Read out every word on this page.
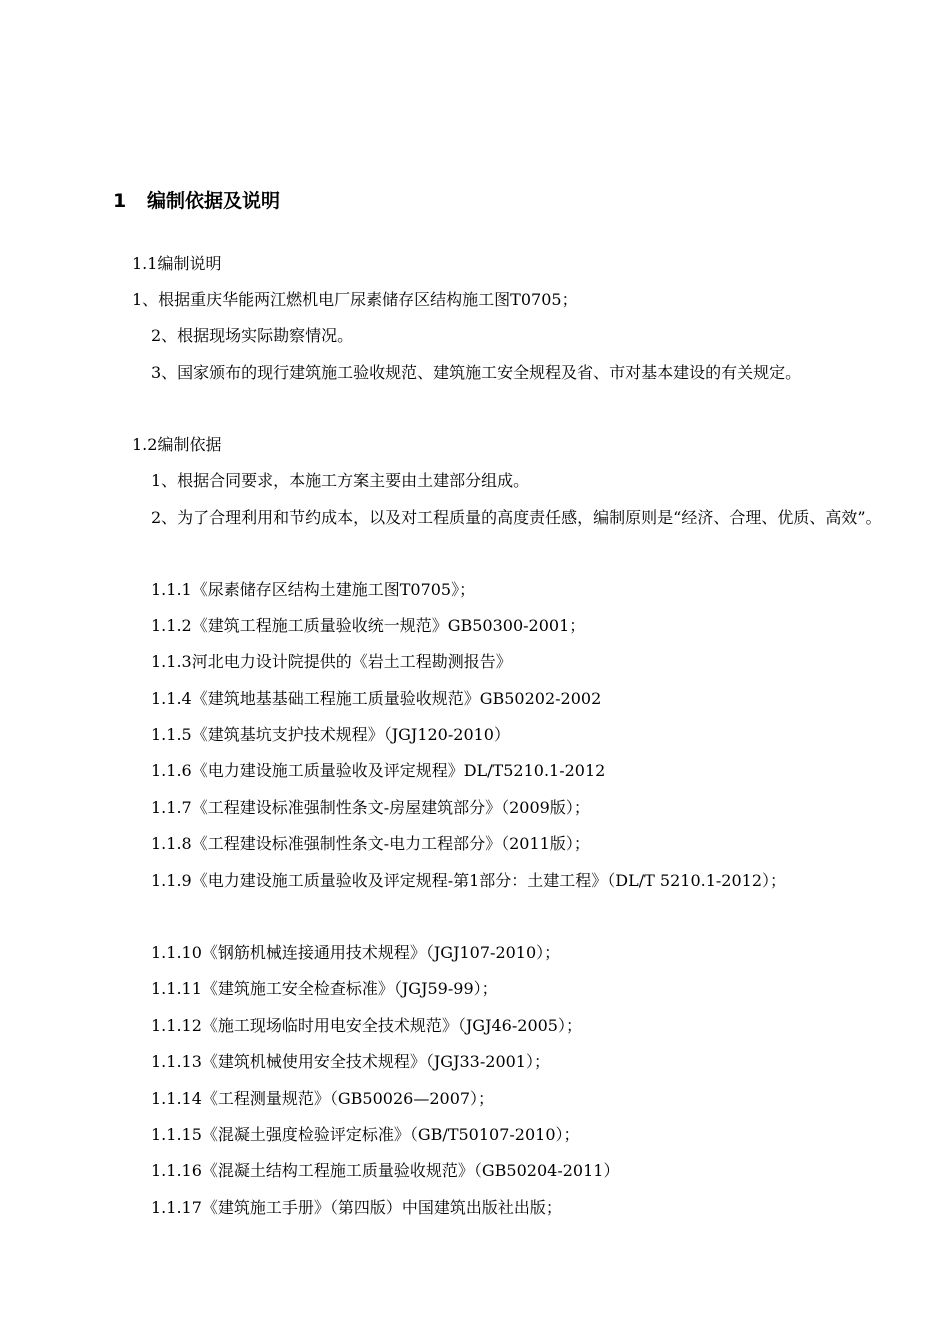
1 编制依据及说明
1.1编制说明
1、根据重庆华能两江燃机电厂尿素储存区结构施工图T0705；
2、根据现场实际勘察情况。
3、国家颁布的现行建筑施工验收规范、建筑施工安全规程及省、市对基本建设的有关规定。
1.2编制依据
1、根据合同要求，本施工方案主要由土建部分组成。
2、为了合理利用和节约成本，以及对工程质量的高度责任感，编制原则是“经济、合理、优质、高效”。
1.1.1《尿素储存区结构土建施工图T0705》；
1.1.2《建筑工程施工质量验收统一规范》GB50300-2001；
1.1.3河北电力设计院提供的《岩土工程勘测报告》
1.1.4《建筑地基基础工程施工质量验收规范》GB50202-2002
1.1.5《建筑基坑支护技术规程》（JGJ120-2010）
1.1.6《电力建设施工质量验收及评定规程》DL/T5210.1-2012
1.1.7《工程建设标准强制性条文-房屋建筑部分》（2009版）；
1.1.8《工程建设标准强制性条文-电力工程部分》（2011版）；
1.1.9《电力建设施工质量验收及评定规程-第1部分：土建工程》（DL/T 5210.1-2012）；
1.1.10《钢筋机械连接通用技术规程》（JGJ107-2010）；
1.1.11《建筑施工安全检查标准》（JGJ59-99）；
1.1.12《施工现场临时用电安全技术规范》（JGJ46-2005）；
1.1.13《建筑机械使用安全技术规程》（JGJ33-2001）；
1.1.14《工程测量规范》（GB50026—2007）；
1.1.15《混凝土强度检验评定标准》（GB/T50107-2010）；
1.1.16《混凝土结构工程施工质量验收规范》（GB50204-2011）
1.1.17《建筑施工手册》（第四版）中国建筑出版社出版；
